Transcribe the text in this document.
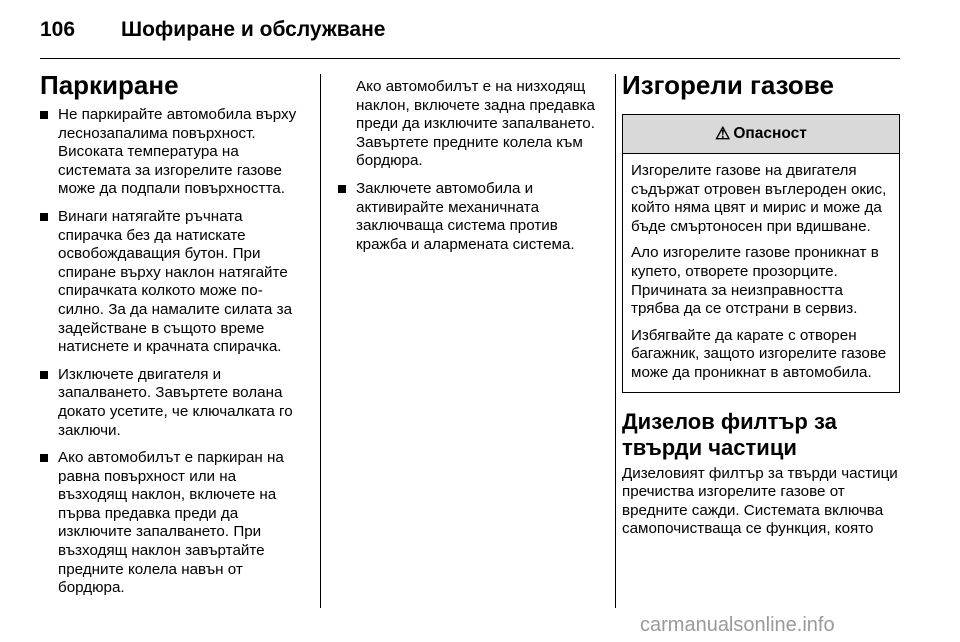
106 Шофиране и обслужване
Паркиране
Не паркирайте автомобила върху леснозапалима повърхност. Високата температура на системата за изгорелите газове може да подпали повърхността.
Винаги натягайте ръчната спирачка без да натискате освобождаващия бутон. При спиране върху наклон натягайте спирачката колкото може по-силно. За да намалите силата за задействане в същото време натиснете и крачната спирачка.
Изключете двигателя и запалването. Завъртете волана докато усетите, че ключалката го заключи.
Ако автомобилът е паркиран на равна повърхност или на възходящ наклон, включете на първа предавка преди да изключите запалването. При възходящ наклон завъртайте предните колела навън от бордюра.

Ако автомобилът е на низходящ наклон, включете задна предавка преди да изключите запалването. Завъртете предните колела към бордюра.

Заключете автомобила и активирайте механичната заключваща система против кражба и алармената система.
Изгорели газове
⚠ Опасност

Изгорелите газове на двигателя съдържат отровен въглероден окис, който няма цвят и мирис и може да бъде смъртоносен при вдишване.

Ало изгорелите газове проникнат в купето, отворете прозорците. Причината за неизправността трябва да се отстрани в сервиз.

Избягвайте да карате с отворен багажник, защото изгорелите газове може да проникнат в автомобила.

Дизелов филтър за твърди частици

Дизеловият филтър за твърди частици пречиства изгорелите газове от вредните сажди. Системата включва самопочистваща се функция, която

carmanualsonline.info
